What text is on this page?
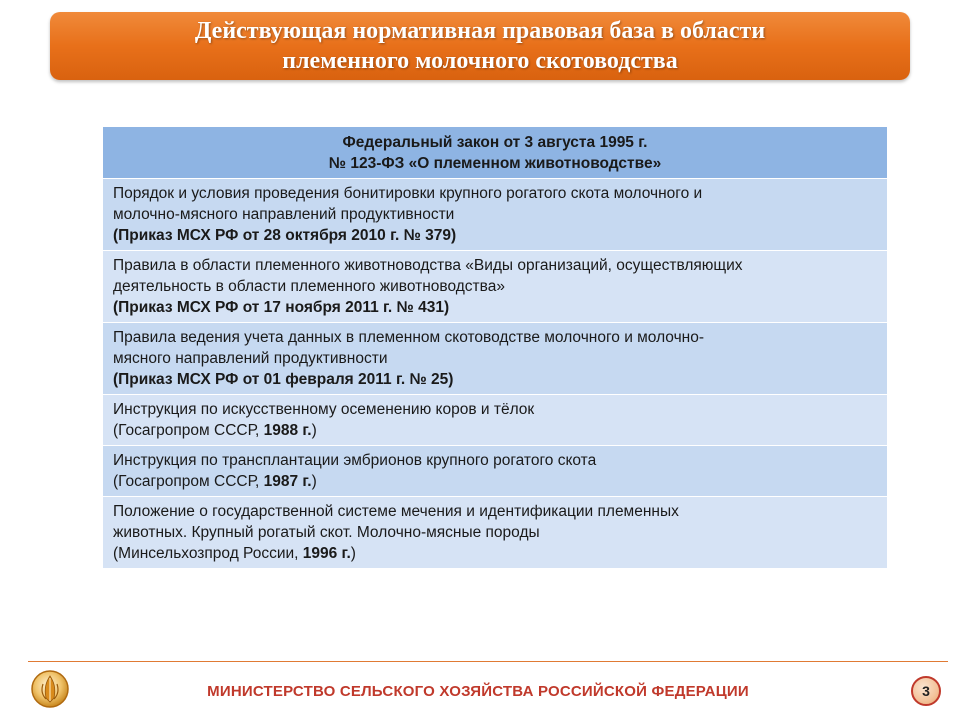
Действующая нормативная правовая база в области
племенного молочного скотоводства
Федеральный закон от 3 августа 1995 г.
№ 123-ФЗ «О племенном животноводстве»

Порядок и условия проведения бонитировки крупного рогатого скота молочного и
молочно-мясного направлений продуктивности
(Приказ МСХ РФ от 28 октября 2010 г. № 379)

Правила в области племенного животноводства «Виды организаций, осуществляющих
деятельность в области племенного животноводства»
(Приказ МСХ РФ от 17 ноября 2011 г. № 431)

Правила ведения учета данных в племенном скотоводстве молочного и молочно-
мясного направлений продуктивности
(Приказ МСХ РФ от 01 февраля 2011 г. № 25)

Инструкция по искусственному осеменению коров и тёлок
(Госагропром СССР, 1988 г.)

Инструкция по трансплантации эмбрионов крупного рогатого скота
(Госагропром СССР, 1987 г.)

Положение о государственной системе мечения и идентификации племенных
животных. Крупный рогатый скот. Молочно-мясные породы
(Минсельхозпрод России, 1996 г.)
МИНИСТЕРСТВО СЕЛЬСКОГО ХОЗЯЙСТВА РОССИЙСКОЙ ФЕДЕРАЦИИ	3
